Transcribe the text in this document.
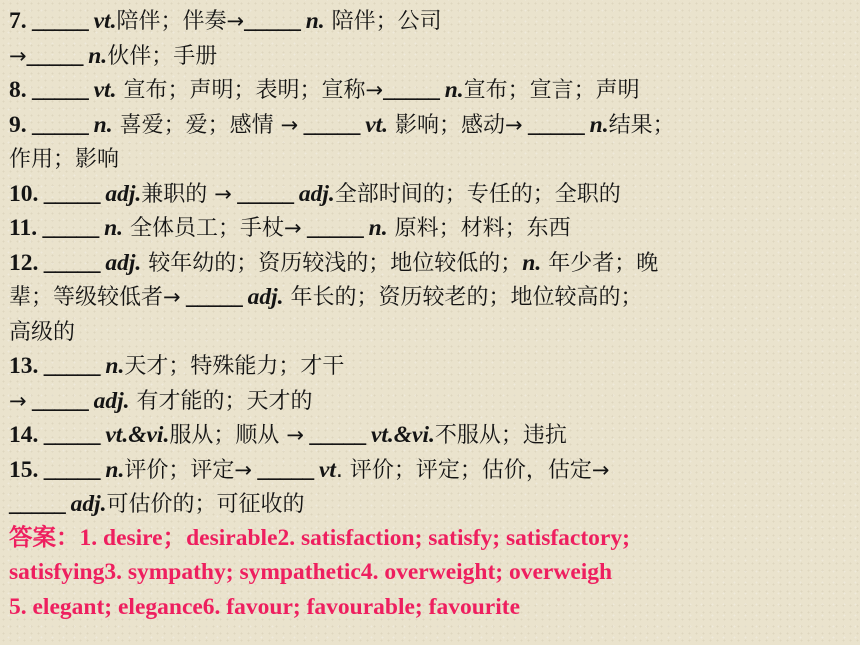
7. _____ vt.陪伴；伴奏→_____ n. 陪伴；公司
→_____ n.伙伴；手册
8. _____ vt. 宣布；声明；表明；宣称→_____ n.宣布；宣言；声明
9. _____ n. 喜爱；爱；感情 → _____ vt. 影响；感动→ _____ n.结果；
作用；影响
10. _____ adj.兼职的 → _____ adj.全部时间的；专任的；全职的
11. _____ n. 全体员工；手杖→ _____ n. 原料；材料；东西
12. _____ adj. 较年幼的；资历较浅的；地位较低的；n. 年少者；晚
辈；等级较低者→ _____ adj. 年长的；资历较老的；地位较高的；
高级的
13. _____ n.天才；特殊能力；才干
→ _____ adj. 有才能的；天才的
14. _____ vt.&vi.服从；顺从 → _____ vt.&vi.不服从；违抗
15. _____ n.评价；评定→ _____ vt. 评价；评定；估价，估定→
_____ adj.可估价的；可征收的
答案：1. desire；desirable2. satisfaction; satisfy; satisfactory;
satisfying3. sympathy; sympathetic4. overweight; overweigh
5. elegant; elegance6. favour; favourable; favourite
